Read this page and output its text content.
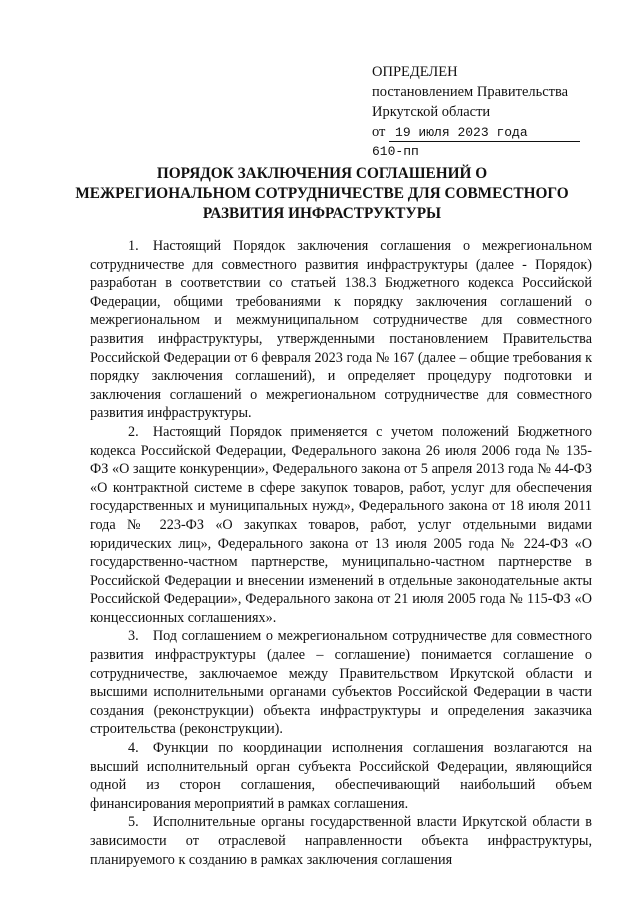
ОПРЕДЕЛЕН
постановлением Правительства
Иркутской области
от 19 июля 2023 года
610-пп
ПОРЯДОК ЗАКЛЮЧЕНИЯ СОГЛАШЕНИЙ О
МЕЖРЕГИОНАЛЬНОМ СОТРУДНИЧЕСТВЕ ДЛЯ СОВМЕСТНОГО
РАЗВИТИЯ ИНФРАСТРУКТУРЫ

1. Настоящий Порядок заключения соглашения о межрегиональном сотрудничестве для совместного развития инфраструктуры (далее - Порядок) разработан в соответствии со статьей 138.3 Бюджетного кодекса Российской Федерации, общими требованиями к порядку заключения соглашений о межрегиональном и межмуниципальном сотрудничестве для совместного развития инфраструктуры, утвержденными постановлением Правительства Российской Федерации от 6 февраля 2023 года № 167 (далее – общие требования к порядку заключения соглашений), и определяет процедуру подготовки и заключения соглашений о межрегиональном сотрудничестве для совместного развития инфраструктуры.

2. Настоящий Порядок применяется с учетом положений Бюджетного кодекса Российской Федерации, Федерального закона 26 июля 2006 года № 135-ФЗ «О защите конкуренции», Федерального закона от 5 апреля 2013 года № 44-ФЗ «О контрактной системе в сфере закупок товаров, работ, услуг для обеспечения государственных и муниципальных нужд», Федерального закона от 18 июля 2011 года № 223-ФЗ «О закупках товаров, работ, услуг отдельными видами юридических лиц», Федерального закона от 13 июля 2005 года № 224-ФЗ «О государственно-частном партнерстве, муниципально-частном партнерстве в Российской Федерации и внесении изменений в отдельные законодательные акты Российской Федерации», Федерального закона от 21 июля 2005 года № 115-ФЗ «О концессионных соглашениях».

3. Под соглашением о межрегиональном сотрудничестве для совместного развития инфраструктуры (далее – соглашение) понимается соглашение о сотрудничестве, заключаемое между Правительством Иркутской области и высшими исполнительными органами субъектов Российской Федерации в части создания (реконструкции) объекта инфраструктуры и определения заказчика строительства (реконструкции).

4. Функции по координации исполнения соглашения возлагаются на высший исполнительный орган субъекта Российской Федерации, являющийся одной из сторон соглашения, обеспечивающий наибольший объем финансирования мероприятий в рамках соглашения.

5. Исполнительные органы государственной власти Иркутской области в зависимости от отраслевой направленности объекта инфраструктуры, планируемого к созданию в рамках заключения соглашения
